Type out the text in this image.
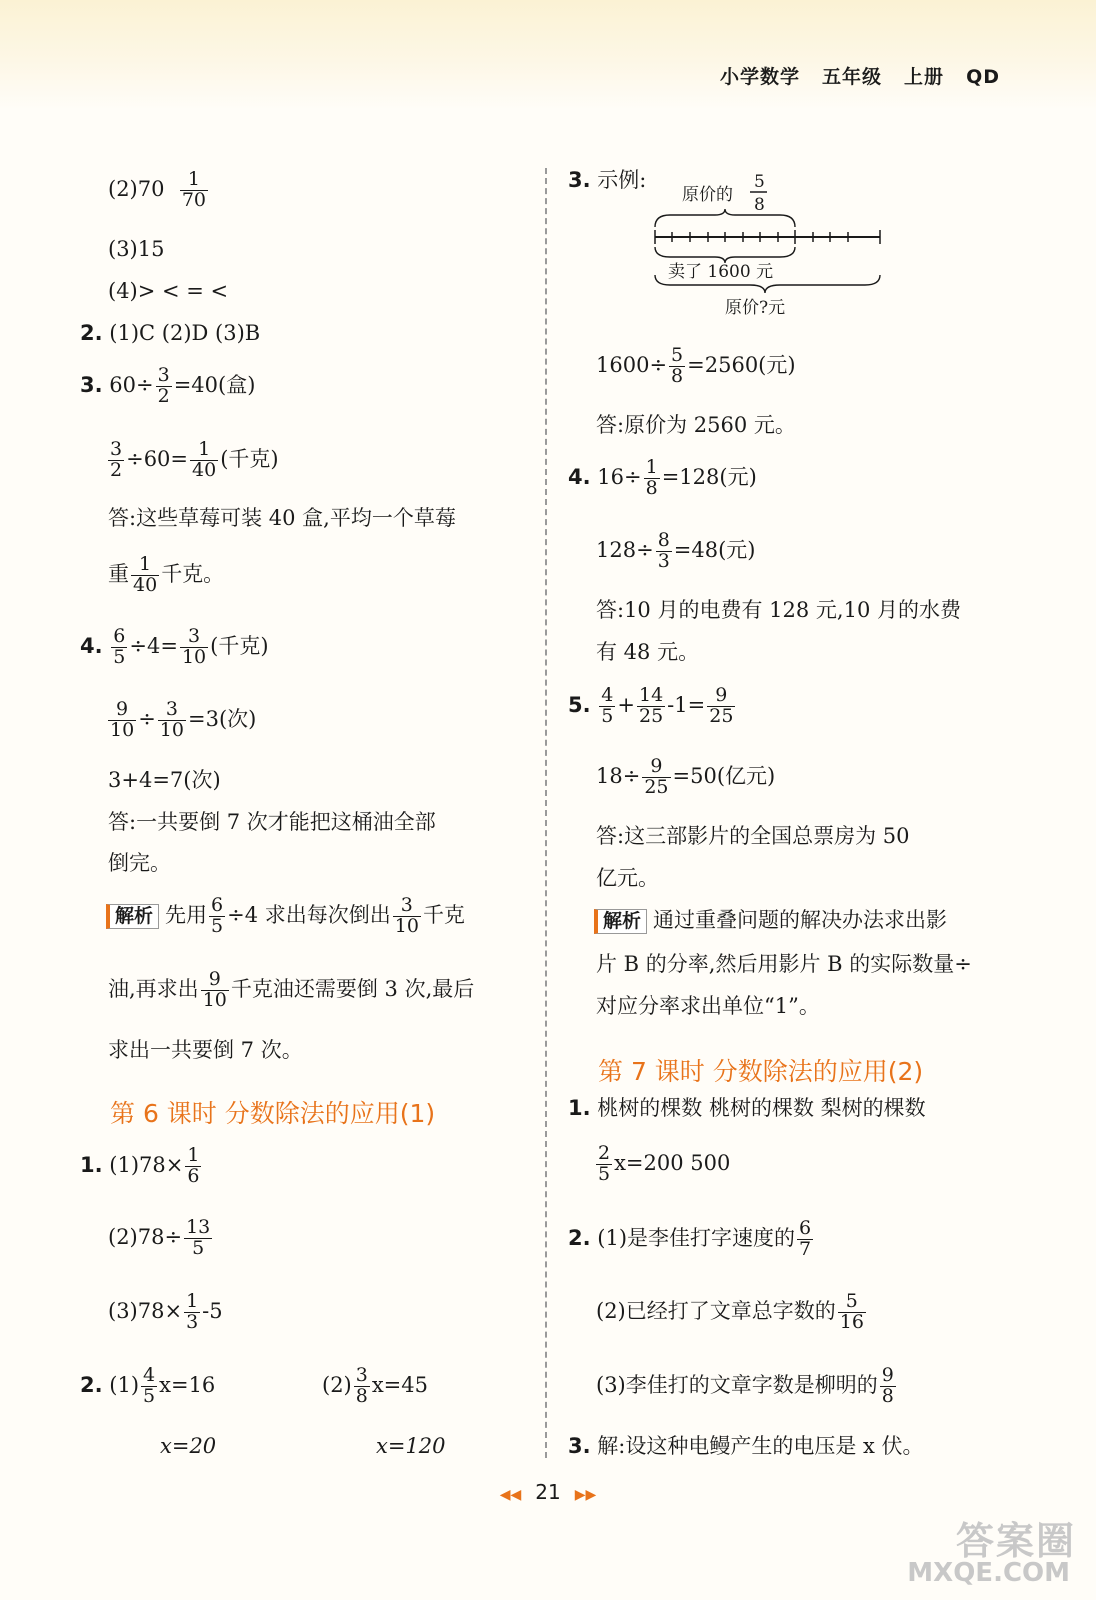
小学数学 五年级 上册 QD
$(2)70 \frac{1}{70}$
(3)15
(4)> < = <
2. (1)C (2)D (3)B
3. $60\div \frac{3}{2} =40$(盒)
$\frac{3}{2} \div 60= \frac{1}{40}$ (千克)
答:这些草莓可装 40 盒,平均一个草莓
重 $\frac{1}{40}$ 千克。
4. $\frac{6}{5} \div 4= \frac{3}{10}$ (千克)
$\frac{9}{10} \div \frac{3}{10} =3$(次)
3+4=7(次)
答:一共要倒 7 次才能把这桶油全部
倒完。
解析 先用 $\frac{6}{5} \div 4$ 求出每次倒出 $\frac{3}{10}$ 千克
油,再求出 $\frac{9}{10}$ 千克油还需要倒 3 次,最后
求出一共要倒 7 次。
第 6 课时 分数除法的应用(1)
1. $(1)78\times \frac{1}{6}$
$(2)78\div \frac{13}{5}$
$(3)78\times \frac{1}{3} -5$
2. $(1) \frac{4}{5} x=16$	$(2) \frac{3}{8} x=45$
x=20	x=120
3. 示例:
原价的
5
8
卖了 1600 元
原价?元
$1600\div \frac{5}{8} =2560$(元)
答:原价为 2560 元。
4. $16\div \frac{1}{8} =128$(元)
$128\div \frac{8}{3} =48$(元)
答:10 月的电费有 128 元,10 月的水费
有 48 元。
5. $\frac{4}{5} + \frac{14}{25} -1= \frac{9}{25}$
$18\div \frac{9}{25} =50$(亿元)
答:这三部影片的全国总票房为 50
亿元。
解析 通过重叠问题的解决办法求出影
片 B 的分率,然后用影片 B 的实际数量÷
对应分率求出单位“1”。
第 7 课时 分数除法的应用(2)
1. 桃树的棵数 桃树的棵数 梨树的棵数
$\frac{2}{5} x=200$ 500
2. (1)是李佳打字速度的 $\frac{6}{7}$
(2)已经打了文章总字数的 $\frac{5}{16}$
(3)李佳打的文章字数是柳明的 $\frac{9}{8}$
3. 解:设这种电鳗产生的电压是 x 伏。
◀◀ 21 ▶▶
答案圈
MXQE.COM
